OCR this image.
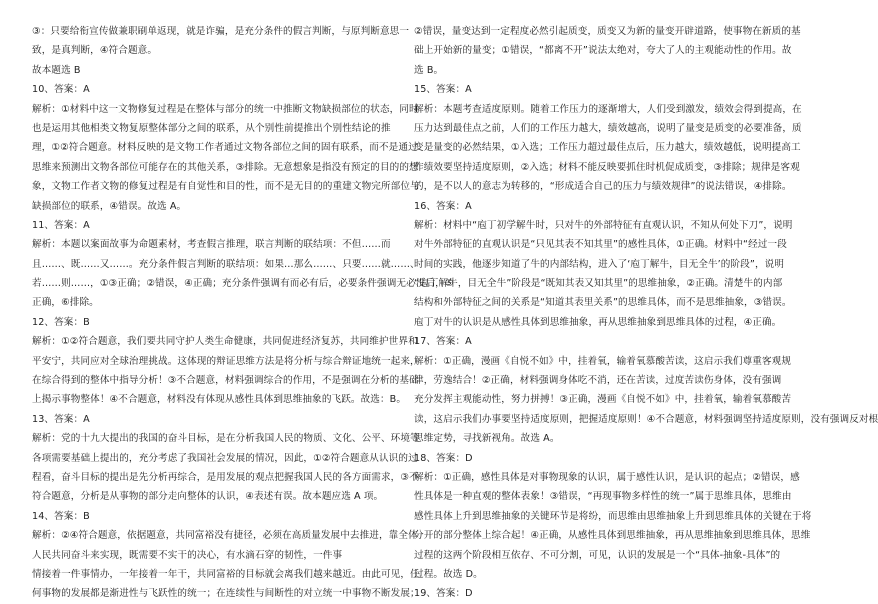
③：只要给衔宣传做兼职刷单返现，就是诈骗，是充分条件的假言判断，与原判断意思一
致，是真判断，④符合题意。
故本题选 B
10、答案：A
解析：①材料中这一文物修复过程是在整体与部分的统一中推断文物缺损部位的状态，同时
也是运用其他相类文物复原整体部分之间的联系，从个别性前提推出个别性结论的推
理，①②符合题意。材料反映的是文物工作者通过文物各部位之间的固有联系，而不是通过
思维来预测出文物各部位可能存在的其他关系，③排除。无意想象是指没有预定的目的的想
象，文物工作者文物的修复过程是有自觉性和目的性，而不是无目的的重建文物完所部位与
缺损部位的联系，④错误。故选 A。
11、答案：A
解析：本题以案面故事为命题素材，考查假言推理，联言判断的联结项：不但……而
且……、既……又……。充分条件假言判断的联结项：如果…那么……、只要……就……、
若……则……，①③正确；②错误，④正确；充分条件强调有而必有后，必要条件强调无必没后，⑤
正确，⑥排除。
12、答案：B
解析：①②符合题意，我们要共同守护人类生命健康，共同促进经济复苏，共同维护世界和
平安宁，共同应对全球治理挑战。这体现的辩证思维方法是将分析与综合辩证地统一起来，
在综合得到的整体中指导分析！③不合题意，材料强调综合的作用，不是强调在分析的基础
上揭示事物整体！④不合题意，材料没有体现从感性具体到思维抽象的飞跃。故选：B。
13、答案：A
解析：党的十九大提出的我国的奋斗目标，是在分析我国人民的物质、文化、公平、环境等
各项需要基础上提出的，充分考虑了我国社会发展的情况，因此，①②符合题意从认识的过
程看，奋斗目标的提出是先分析再综合，是用发展的观点把握我国人民的各方面需求，③不
符合题意，分析是从事物的部分走向整体的认识，④表述有误。故本题应选 A 项。
14、答案：B
解析：②④符合题意，依据题意，共同富裕没有捷径，必须在高质量发展中去推进，靠全体
人民共同奋斗来实现，既需要不实干的决心，有水滴石穿的韧性，一件事
情接着一件事情办，一年接着一年干，共同富裕的目标就会离我们越来越近。由此可见，任
何事物的发展都是渐进性与飞跃性的统一；在连续性与间断性的对立统一中事物不断发展；
②错误，量变达到一定程度必然引起质变，质变又为新的量变开辟道路，使事物在新质的基
础上开始新的量变；①错误，“都离不开”说法太绝对，夸大了人的主观能动性的作用。故
选 B。
15、答案：A
解析：本题考查适度原则。随着工作压力的逐渐增大，人们受到激发，绩效会得到提高，在
压力达到最佳点之前，人们的工作压力越大，绩效越高，说明了量变是质变的必要准备，质
变是量变的必然结果，①入选；工作压力超过最佳点后，压力越大，绩效越低，说明提高工
作绩效要坚持适度原则，②入选；材料不能反映要抓住时机促成质变，③排除；规律是客观
的，是不以人的意志为转移的，“形成适合自己的压力与绩效规律”的说法错误，④排除。
16、答案：A
解析：材料中“庖丁初学解牛时，只对牛的外部特征有直观认识，不知从何处下刀”，说明
对牛外部特征的直观认识是“只见其表不知其里”的感性具体，①正确。材料中“经过一段
时间的实践，他逐步知道了牛的内部结构，进入了‘庖丁解牛，目无全牛’的阶段”，说明
“庖丁解牛，目无全牛”阶段是“既知其表又知其里”的思维抽象，②正确。清楚牛的内部
结构和外部特征之间的关系是“知道其表里关系”的思维具体，而不是思维抽象，③错误。
庖丁对牛的认识是从感性具体到思维抽象，再从思维抽象到思维具体的过程，④正确。
17、答案：A
解析：①正确，漫画《自悦不如》中，挂着氧，输着氧慕酸苦读，这启示我们尊重客观规
律，劳逸结合！②正确，材料强调身体吃不消，还在苦读，过度苦读伤身体，没有强调
充分发挥主观能动性，努力拼搏！③正确，漫画《自悦不如》中，挂着氧，输着氧慕酸苦
读，这启示我们办事要坚持适度原则，把握适度原则！④不合题意，材料强调坚持适度原则，没有强调反对根
思维定势，寻找新视角。故选 A。
18、答案：D
解析：①正确，感性具体是对事物现象的认识，属于感性认识，是认识的起点；②错误，感
性具体是一种直观的整体表象！③错误，“再现事物多样性的统一”属于思维具体，思维由
感性具体上升到思维抽象的关键环节是将纷，而思维由思维抽象上升到思维具体的关键在于将
分开的部分整体上综合起！④正确，从感性具体到思维抽象，再从思维抽象到思维具体，思维
过程的这两个阶段相互依存、不可分割，可见，认识的发展是一个“具体-抽象-具体”的
过程。故选 D。
19、答案：D
